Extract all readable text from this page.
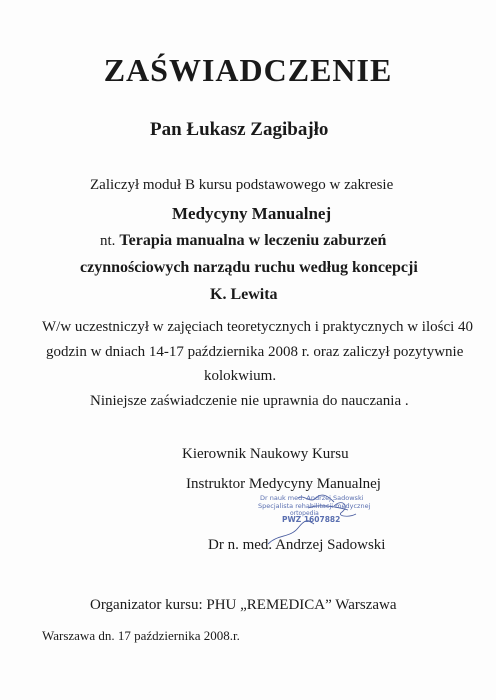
ZAŚWIADCZENIE
Pan Łukasz Zagibajło
Zaliczył moduł B kursu podstawowego w zakresie
Medycyny Manualnej
nt. Terapia manualna w leczeniu zaburzeń
czynnościowych narządu ruchu według koncepcji
K. Lewita
W/w uczestniczył w zajęciach teoretycznych i praktycznych w ilości 40
godzin w dniach 14-17 października 2008 r. oraz zaliczył pozytywnie
kolokwium.
Niniejsze zaświadczenie nie uprawnia do nauczania .
Kierownik Naukowy Kursu
Instruktor Medycyny Manualnej
Dr nauk med. Andrzej Sadowski
Specjalista rehabilitacji medycznej
ortopedia
PWZ 1607882
Dr n. med. Andrzej Sadowski
Organizator kursu: PHU „REMEDICA” Warszawa
Warszawa dn. 17 października 2008.r.
